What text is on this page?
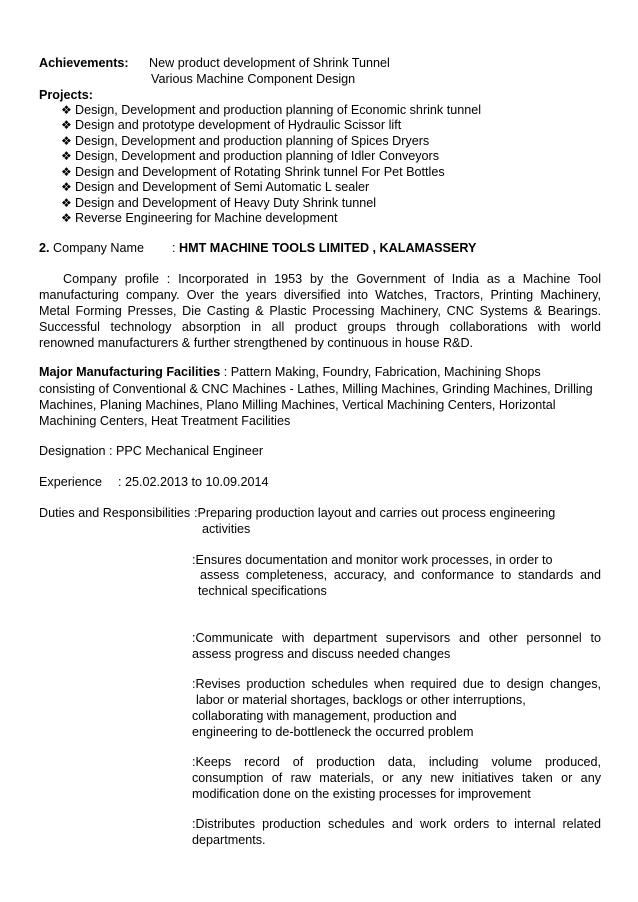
Achievements: New product development of Shrink Tunnel
Various Machine Component Design
Projects:
❖ Design, Development and production planning of Economic shrink tunnel
❖ Design and prototype development of Hydraulic Scissor lift
❖ Design, Development and production planning of Spices Dryers
❖ Design, Development and production planning of Idler Conveyors
❖ Design and Development of Rotating Shrink tunnel For Pet Bottles
❖ Design and Development of Semi Automatic L sealer
❖ Design and Development of Heavy Duty Shrink tunnel
❖ Reverse Engineering for Machine development
2. Company Name : HMT MACHINE TOOLS LIMITED , KALAMASSERY
Company profile : Incorporated in 1953 by the Government of India as a Machine Tool
manufacturing company. Over the years diversified into Watches, Tractors, Printing Machinery,
Metal Forming Presses, Die Casting & Plastic Processing Machinery, CNC Systems & Bearings.
Successful technology absorption in all product groups through collaborations with world
renowned manufacturers & further strengthened by continuous in house R&D.
Major Manufacturing Facilities : Pattern Making, Foundry, Fabrication, Machining Shops
consisting of Conventional & CNC Machines - Lathes, Milling Machines, Grinding Machines, Drilling
Machines, Planing Machines, Plano Milling Machines, Vertical Machining Centers, Horizontal
Machining Centers, Heat Treatment Facilities
Designation : PPC Mechanical Engineer
Experience : 25.02.2013 to 10.09.2014
Duties and Responsibilities :Preparing production layout and carries out process engineering
activities
:Ensures documentation and monitor work processes, in order to
assess completeness, accuracy, and conformance to standards and
technical specifications
:Communicate with department supervisors and other personnel to
assess progress and discuss needed changes
:Revises production schedules when required due to design changes,
labor or material shortages, backlogs or other interruptions,
collaborating with management, production and
engineering to de-bottleneck the occurred problem
:Keeps record of production data, including volume produced,
consumption of raw materials, or any new initiatives taken or any
modification done on the existing processes for improvement
:Distributes production schedules and work orders to internal related
departments.
